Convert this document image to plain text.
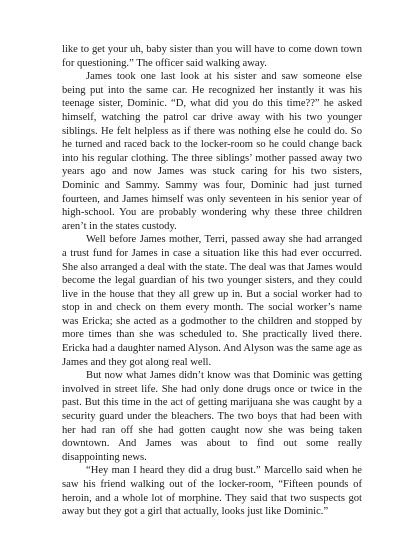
like to get your uh, baby sister than you will have to come down town for questioning.” The officer said walking away.

James took one last look at his sister and saw someone else being put into the same car. He recognized her instantly it was his teenage sister, Dominic. “D, what did you do this time??” he asked himself, watching the patrol car drive away with his two younger siblings. He felt helpless as if there was nothing else he could do. So he turned and raced back to the locker-room so he could change back into his regular clothing. The three siblings’ mother passed away two years ago and now James was stuck caring for his two sisters, Dominic and Sammy. Sammy was four, Dominic had just turned fourteen, and James himself was only seventeen in his senior year of high-school. You are probably wondering why these three children aren’t in the states custody.

Well before James mother, Terri, passed away she had arranged a trust fund for James in case a situation like this had ever occurred. She also arranged a deal with the state. The deal was that James would become the legal guardian of his two younger sisters, and they could live in the house that they all grew up in. But a social worker had to stop in and check on them every month. The social worker’s name was Ericka; she acted as a godmother to the children and stopped by more times than she was scheduled to. She practically lived there. Ericka had a daughter named Alyson. And Alyson was the same age as James and they got along real well.

But now what James didn’t know was that Dominic was getting involved in street life. She had only done drugs once or twice in the past. But this time in the act of getting marijuana she was caught by a security guard under the bleachers. The two boys that had been with her had ran off she had gotten caught now she was being taken downtown. And James was about to find out some really disappointing news.

“Hey man I heard they did a drug bust.” Marcello said when he saw his friend walking out of the locker-room, “Fifteen pounds of heroin, and a whole lot of morphine. They said that two suspects got away but they got a girl that actually, looks just like Dominic.”
